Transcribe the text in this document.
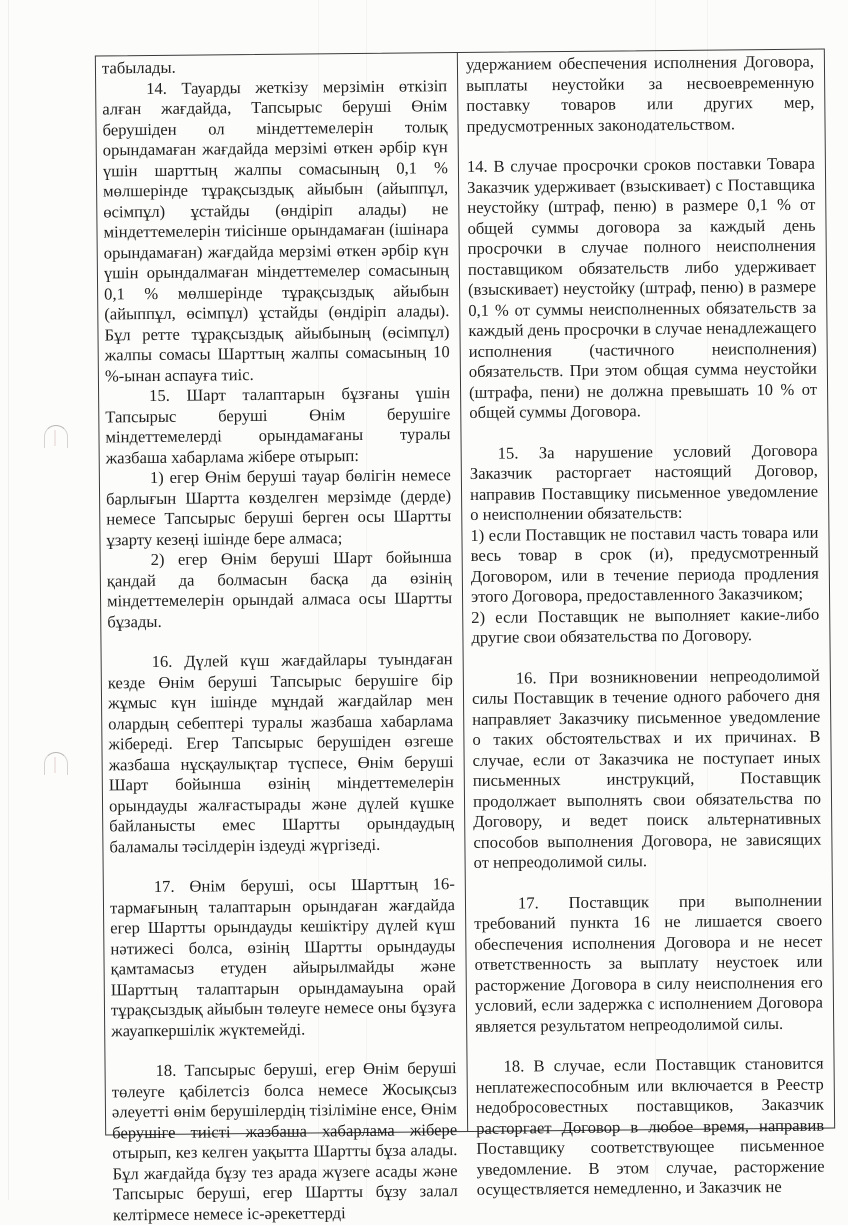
табылады.

14. Тауарды жеткізу мерзімін өткізіп алған жағдайда, Тапсырыс беруші Өнім берушіден ол міндеттемелерін толық орындамаған жағдайда мерзімі өткен әрбір күн үшін шарттың жалпы сомасының 0,1 % мөлшерінде тұрақсыздық айыбын (айыппұл, өсімпұл) ұстайды (өндіріп алады) не міндеттемелерін тиісінше орындамаған (ішінара орындамаған) жағдайда мерзімі өткен әрбір күн үшін орындалмаған міндеттемелер сомасының 0,1 % мөлшерінде тұрақсыздық айыбын (айыппұл, өсімпұл) ұстайды (өндіріп алады). Бұл ретте тұрақсыздық айыбының (өсімпұл) жалпы сомасы Шарттың жалпы сомасының 10 %-ынан аспауға тиіс.

15. Шарт талаптарын бұзғаны үшін Тапсырыс беруші Өнім берушіге міндеттемелерді орындамағаны туралы жазбаша хабарлама жібере отырып:

1) егер Өнім беруші тауар бөлігін немесе барлығын Шартта көзделген мерзімде (дерде) немесе Тапсырыс беруші берген осы Шартты ұзарту кезеңі ішінде бере алмаса;

2) егер Өнім беруші Шарт бойынша қандай да болмасын басқа да өзінің міндеттемелерін орындай алмаса осы Шартты бұзады.

16. Дүлей күш жағдайлары туындаған кезде Өнім беруші Тапсырыс берушіге бір жұмыс күн ішінде мұндай жағдайлар мен олардың себептері туралы жазбаша хабарлама жібереді. Егер Тапсырыс берушіден өзгеше жазбаша нұсқаулықтар түспесе, Өнім беруші Шарт бойынша өзінің міндеттемелерін орындауды жалғастырады және дүлей күшке байланысты емес Шартты орындаудың баламалы тәсілдерін іздеуді жүргізеді.

17. Өнім беруші, осы Шарттың 16-тармағының талаптарын орындаған жағдайда егер Шартты орындауды кешіктіру дүлей күш нәтижесі болса, өзінің Шартты орындауды қамтамасыз етуден айырылмайды және Шарттың талаптарын орындамауына орай тұрақсыздық айыбын төлеуге немесе оны бұзуға жауапкершілік жүктемейді.

18. Тапсырыс беруші, егер Өнім беруші төлеуге қабілетсіз болса немесе Жосықсыз әлеуетті өнім берушілердің тізіліміне енсе, Өнім берушіге тиісті жазбаша хабарлама жібере отырып, кез келген уақытта Шартты бұза алады. Бұл жағдайда бұзу тез арада жүзеге асады және Тапсырыс беруші, егер Шартты бұзу залал келтірмесе немесе іс-әрекеттерді

удержанием обеспечения исполнения Договора, выплаты неустойки за несвоевременную поставку товаров или других мер, предусмотренных законодательством.

14. В случае просрочки сроков поставки Товара Заказчик удерживает (взыскивает) с Поставщика неустойку (штраф, пеню) в размере 0,1 % от общей суммы договора за каждый день просрочки в случае полного неисполнения поставщиком обязательств либо удерживает (взыскивает) неустойку (штраф, пеню) в размере 0,1 % от суммы неисполненных обязательств за каждый день просрочки в случае ненадлежащего исполнения (частичного неисполнения) обязательств. При этом общая сумма неустойки (штрафа, пени) не должна превышать 10 % от общей суммы Договора.

15. За нарушение условий Договора Заказчик расторгает настоящий Договор, направив Поставщику письменное уведомление о неисполнении обязательств:

1) если Поставщик не поставил часть товара или весь товар в срок (и), предусмотренный Договором, или в течение периода продления этого Договора, предоставленного Заказчиком;

2) если Поставщик не выполняет какие-либо другие свои обязательства по Договору.

16. При возникновении непреодолимой силы Поставщик в течение одного рабочего дня направляет Заказчику письменное уведомление о таких обстоятельствах и их причинах. В случае, если от Заказчика не поступает иных письменных инструкций, Поставщик продолжает выполнять свои обязательства по Договору, и ведет поиск альтернативных способов выполнения Договора, не зависящих от непреодолимой силы.

17. Поставщик при выполнении требований пункта 16 не лишается своего обеспечения исполнения Договора и не несет ответственность за выплату неустоек или расторжение Договора в силу неисполнения его условий, если задержка с исполнением Договора является результатом непреодолимой силы.

18. В случае, если Поставщик становится неплатежеспособным или включается в Реестр недобросовестных поставщиков, Заказчик расторгает Договор в любое время, направив Поставщику соответствующее письменное уведомление. В этом случае, расторжение осуществляется немедленно, и Заказчик не
